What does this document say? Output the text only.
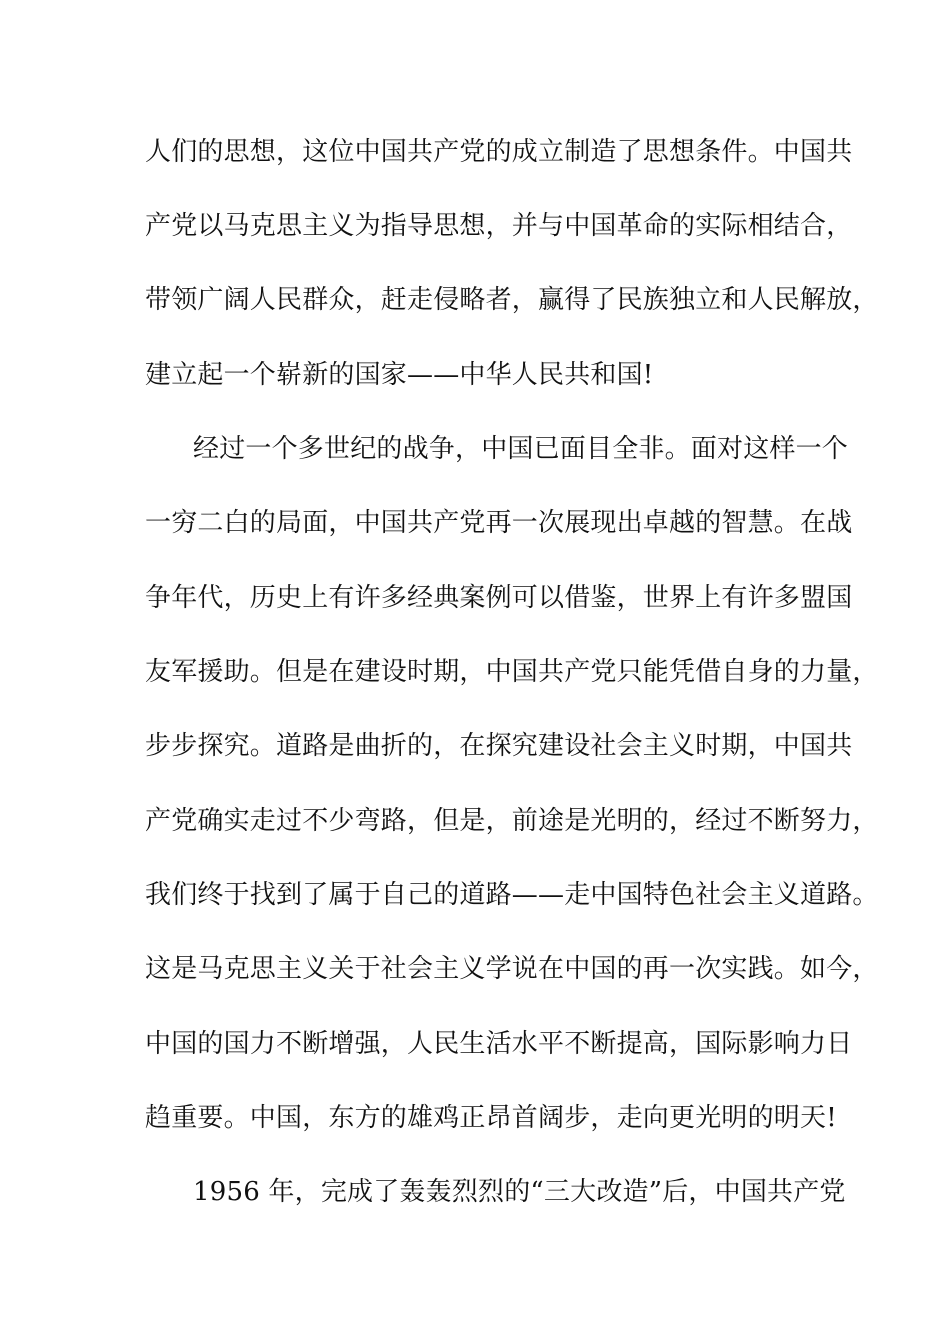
人们的思想，这位中国共产党的成立制造了思想条件。中国共
产党以马克思主义为指导思想，并与中国革命的实际相结合，
带领广阔人民群众，赶走侵略者，赢得了民族独立和人民解放，
建立起一个崭新的国家——中华人民共和国!
经过一个多世纪的战争，中国已面目全非。面对这样一个
一穷二白的局面，中国共产党再一次展现出卓越的智慧。在战
争年代，历史上有许多经典案例可以借鉴，世界上有许多盟国
友军援助。但是在建设时期，中国共产党只能凭借自身的力量，
步步探究。道路是曲折的，在探究建设社会主义时期，中国共
产党确实走过不少弯路，但是，前途是光明的，经过不断努力，
我们终于找到了属于自己的道路——走中国特色社会主义道路。
这是马克思主义关于社会主义学说在中国的再一次实践。如今，
中国的国力不断增强，人民生活水平不断提高，国际影响力日
趋重要。中国，东方的雄鸡正昂首阔步，走向更光明的明天!
1956 年，完成了轰轰烈烈的“三大改造”后，中国共产党
